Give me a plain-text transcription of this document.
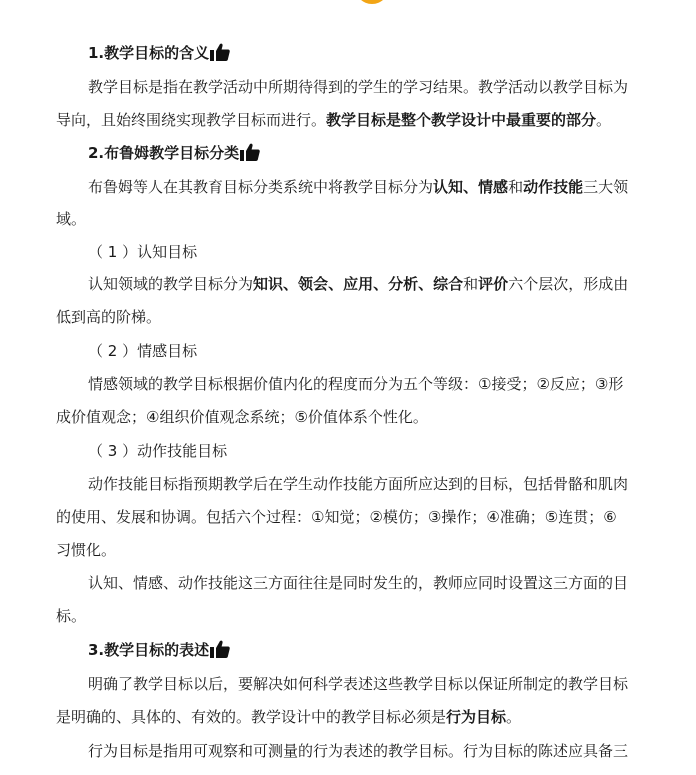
1.教学目标的含义
教学目标是指在教学活动中所期待得到的学生的学习结果。教学活动以教学目标为
导向，且始终围绕实现教学目标而进行。教学目标是整个教学设计中最重要的部分。
2.布鲁姆教学目标分类
布鲁姆等人在其教育目标分类系统中将教学目标分为认知、情感和动作技能三大领
域。
（ 1 ）认知目标
认知领域的教学目标分为知识、领会、应用、分析、综合和评价六个层次，形成由
低到高的阶梯。
（ 2 ）情感目标
情感领域的教学目标根据价值内化的程度而分为五个等级：①接受；②反应；③形
成价值观念；④组织价值观念系统；⑤价值体系个性化。
（ 3 ）动作技能目标
动作技能目标指预期教学后在学生动作技能方面所应达到的目标，包括骨骼和肌肉
的使用、发展和协调。包括六个过程：①知觉；②模仿；③操作；④准确；⑤连贯；⑥
习惯化。
认知、情感、动作技能这三方面往往是同时发生的，教师应同时设置这三方面的目
标。
3.教学目标的表述
明确了教学目标以后，要解决如何科学表述这些教学目标以保证所制定的教学目标
是明确的、具体的、有效的。教学设计中的教学目标必须是行为目标。
行为目标是指用可观察和可测量的行为表述的教学目标。行为目标的陈述应具备三
